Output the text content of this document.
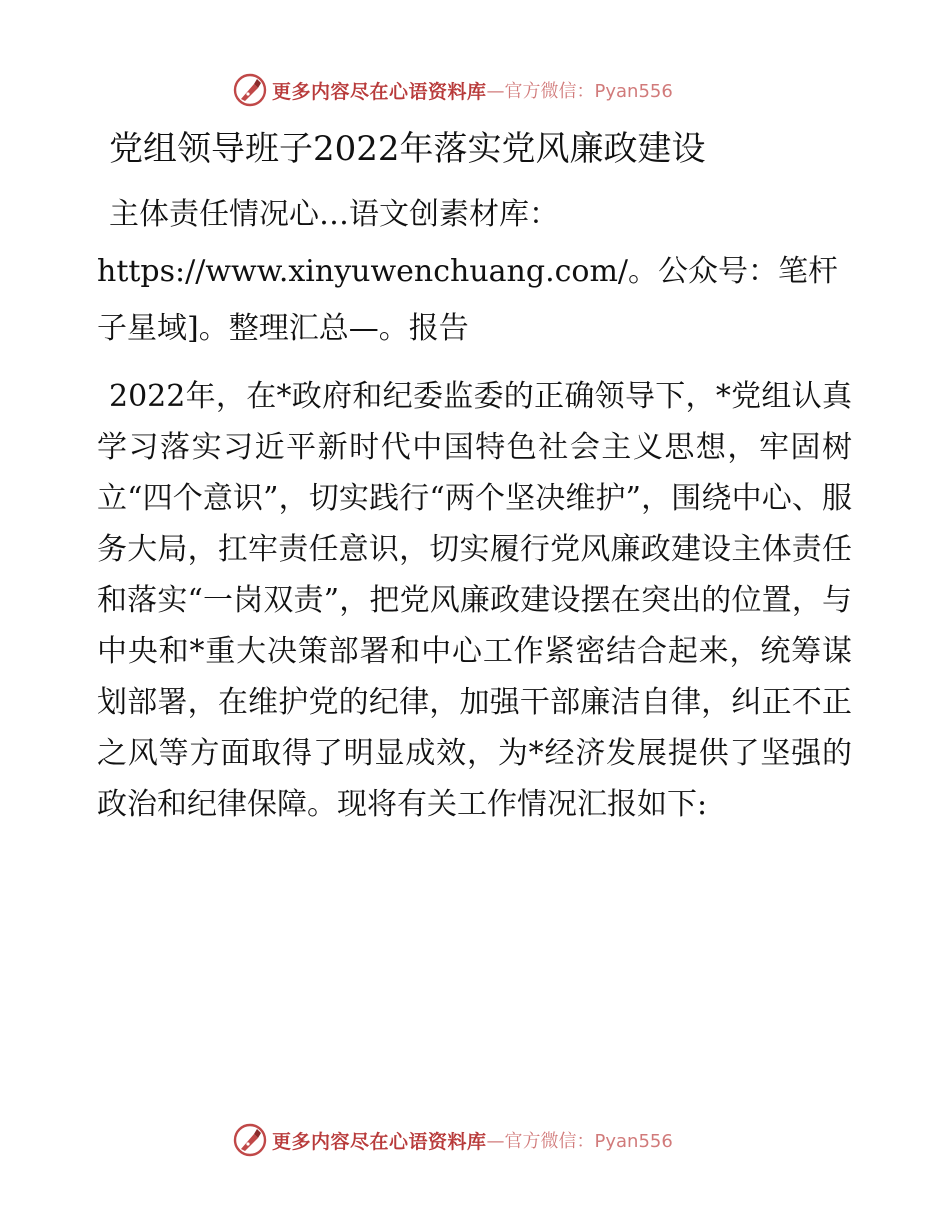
更多内容尽在心语资料库 —官方微信：Pyan556
党组领导班子2022年落实党风廉政建设

主体责任情况心…语文创素材库：https://www.xinyuwenchuang.com/。公众号：笔杆子星域]。整理汇总—。报告

2022年，在*政府和纪委监委的正确领导下，*党组认真学习落实习近平新时代中国特色社会主义思想，牢固树立“四个意识”，切实践行“两个坚决维护”，围绕中心、服务大局，扛牢责任意识，切实履行党风廉政建设主体责任和落实“一岗双责”，把党风廉政建设摆在突出的位置，与中央和*重大决策部署和中心工作紧密结合起来，统筹谋划部署，在维护党的纪律，加强干部廉洁自律，纠正不正之风等方面取得了明显成效，为*经济发展提供了坚强的政治和纪律保障。现将有关工作情况汇报如下:

更多内容尽在心语资料库 —官方微信：Pyan556
